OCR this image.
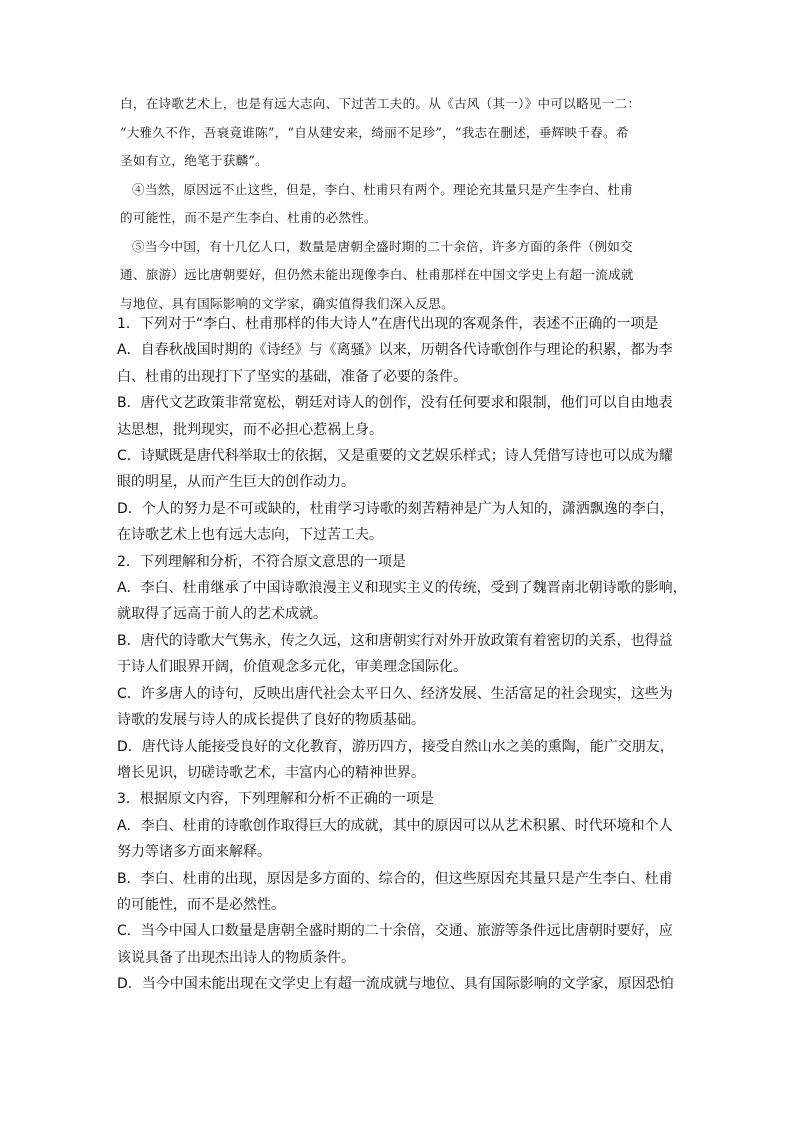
白，在诗歌艺术上，也是有远大志向、下过苦工夫的。从《古风（其一）》中可以略见一二：

“大雅久不作，吾衰竟谁陈”，“自从建安来，绮丽不足珍”，“我志在删述，垂辉映千春。希

圣如有立，绝笔于获麟”。

④当然，原因远不止这些，但是，李白、杜甫只有两个。理论充其量只是产生李白、杜甫

的可能性，而不是产生李白、杜甫的必然性。

⑤当今中国，有十几亿人口，数量是唐朝全盛时期的二十余倍，许多方面的条件（例如交

通、旅游）远比唐朝要好，但仍然未能出现像李白、杜甫那样在中国文学史上有超一流成就

与地位、具有国际影响的文学家，确实值得我们深入反思。

1．下列对于“李白、杜甫那样的伟大诗人”在唐代出现的客观条件，表述不正确的一项是

A．自春秋战国时期的《诗经》与《离骚》以来，历朝各代诗歌创作与理论的积累，都为李

白、杜甫的出现打下了坚实的基础，准备了必要的条件。

B．唐代文艺政策非常宽松，朝廷对诗人的创作，没有任何要求和限制，他们可以自由地表

达思想，批判现实，而不必担心惹祸上身。

C．诗赋既是唐代科举取士的依据，又是重要的文艺娱乐样式；诗人凭借写诗也可以成为耀

眼的明星，从而产生巨大的创作动力。

D．个人的努力是不可或缺的，杜甫学习诗歌的刻苦精神是广为人知的，潇洒飘逸的李白，

在诗歌艺术上也有远大志向，下过苦工夫。

2．下列理解和分析，不符合原文意思的一项是

A．李白、杜甫继承了中国诗歌浪漫主义和现实主义的传统，受到了魏晋南北朝诗歌的影响，

就取得了远高于前人的艺术成就。

B．唐代的诗歌大气隽永，传之久远，这和唐朝实行对外开放政策有着密切的关系，也得益

于诗人们眼界开阔，价值观念多元化，审美理念国际化。

C．许多唐人的诗句，反映出唐代社会太平日久、经济发展、生活富足的社会现实，这些为

诗歌的发展与诗人的成长提供了良好的物质基础。

D．唐代诗人能接受良好的文化教育，游历四方，接受自然山水之美的熏陶，能广交朋友，

增长见识，切磋诗歌艺术，丰富内心的精神世界。

3．根据原文内容，下列理解和分析不正确的一项是

A．李白、杜甫的诗歌创作取得巨大的成就，其中的原因可以从艺术积累、时代环境和个人

努力等诸多方面来解释。

B．李白、杜甫的出现，原因是多方面的、综合的，但这些原因充其量只是产生李白、杜甫

的可能性，而不是必然性。

C．当今中国人口数量是唐朝全盛时期的二十余倍，交通、旅游等条件远比唐朝时要好，应

该说具备了出现杰出诗人的物质条件。

D．当今中国未能出现在文学史上有超一流成就与地位、具有国际影响的文学家，原因恐怕
